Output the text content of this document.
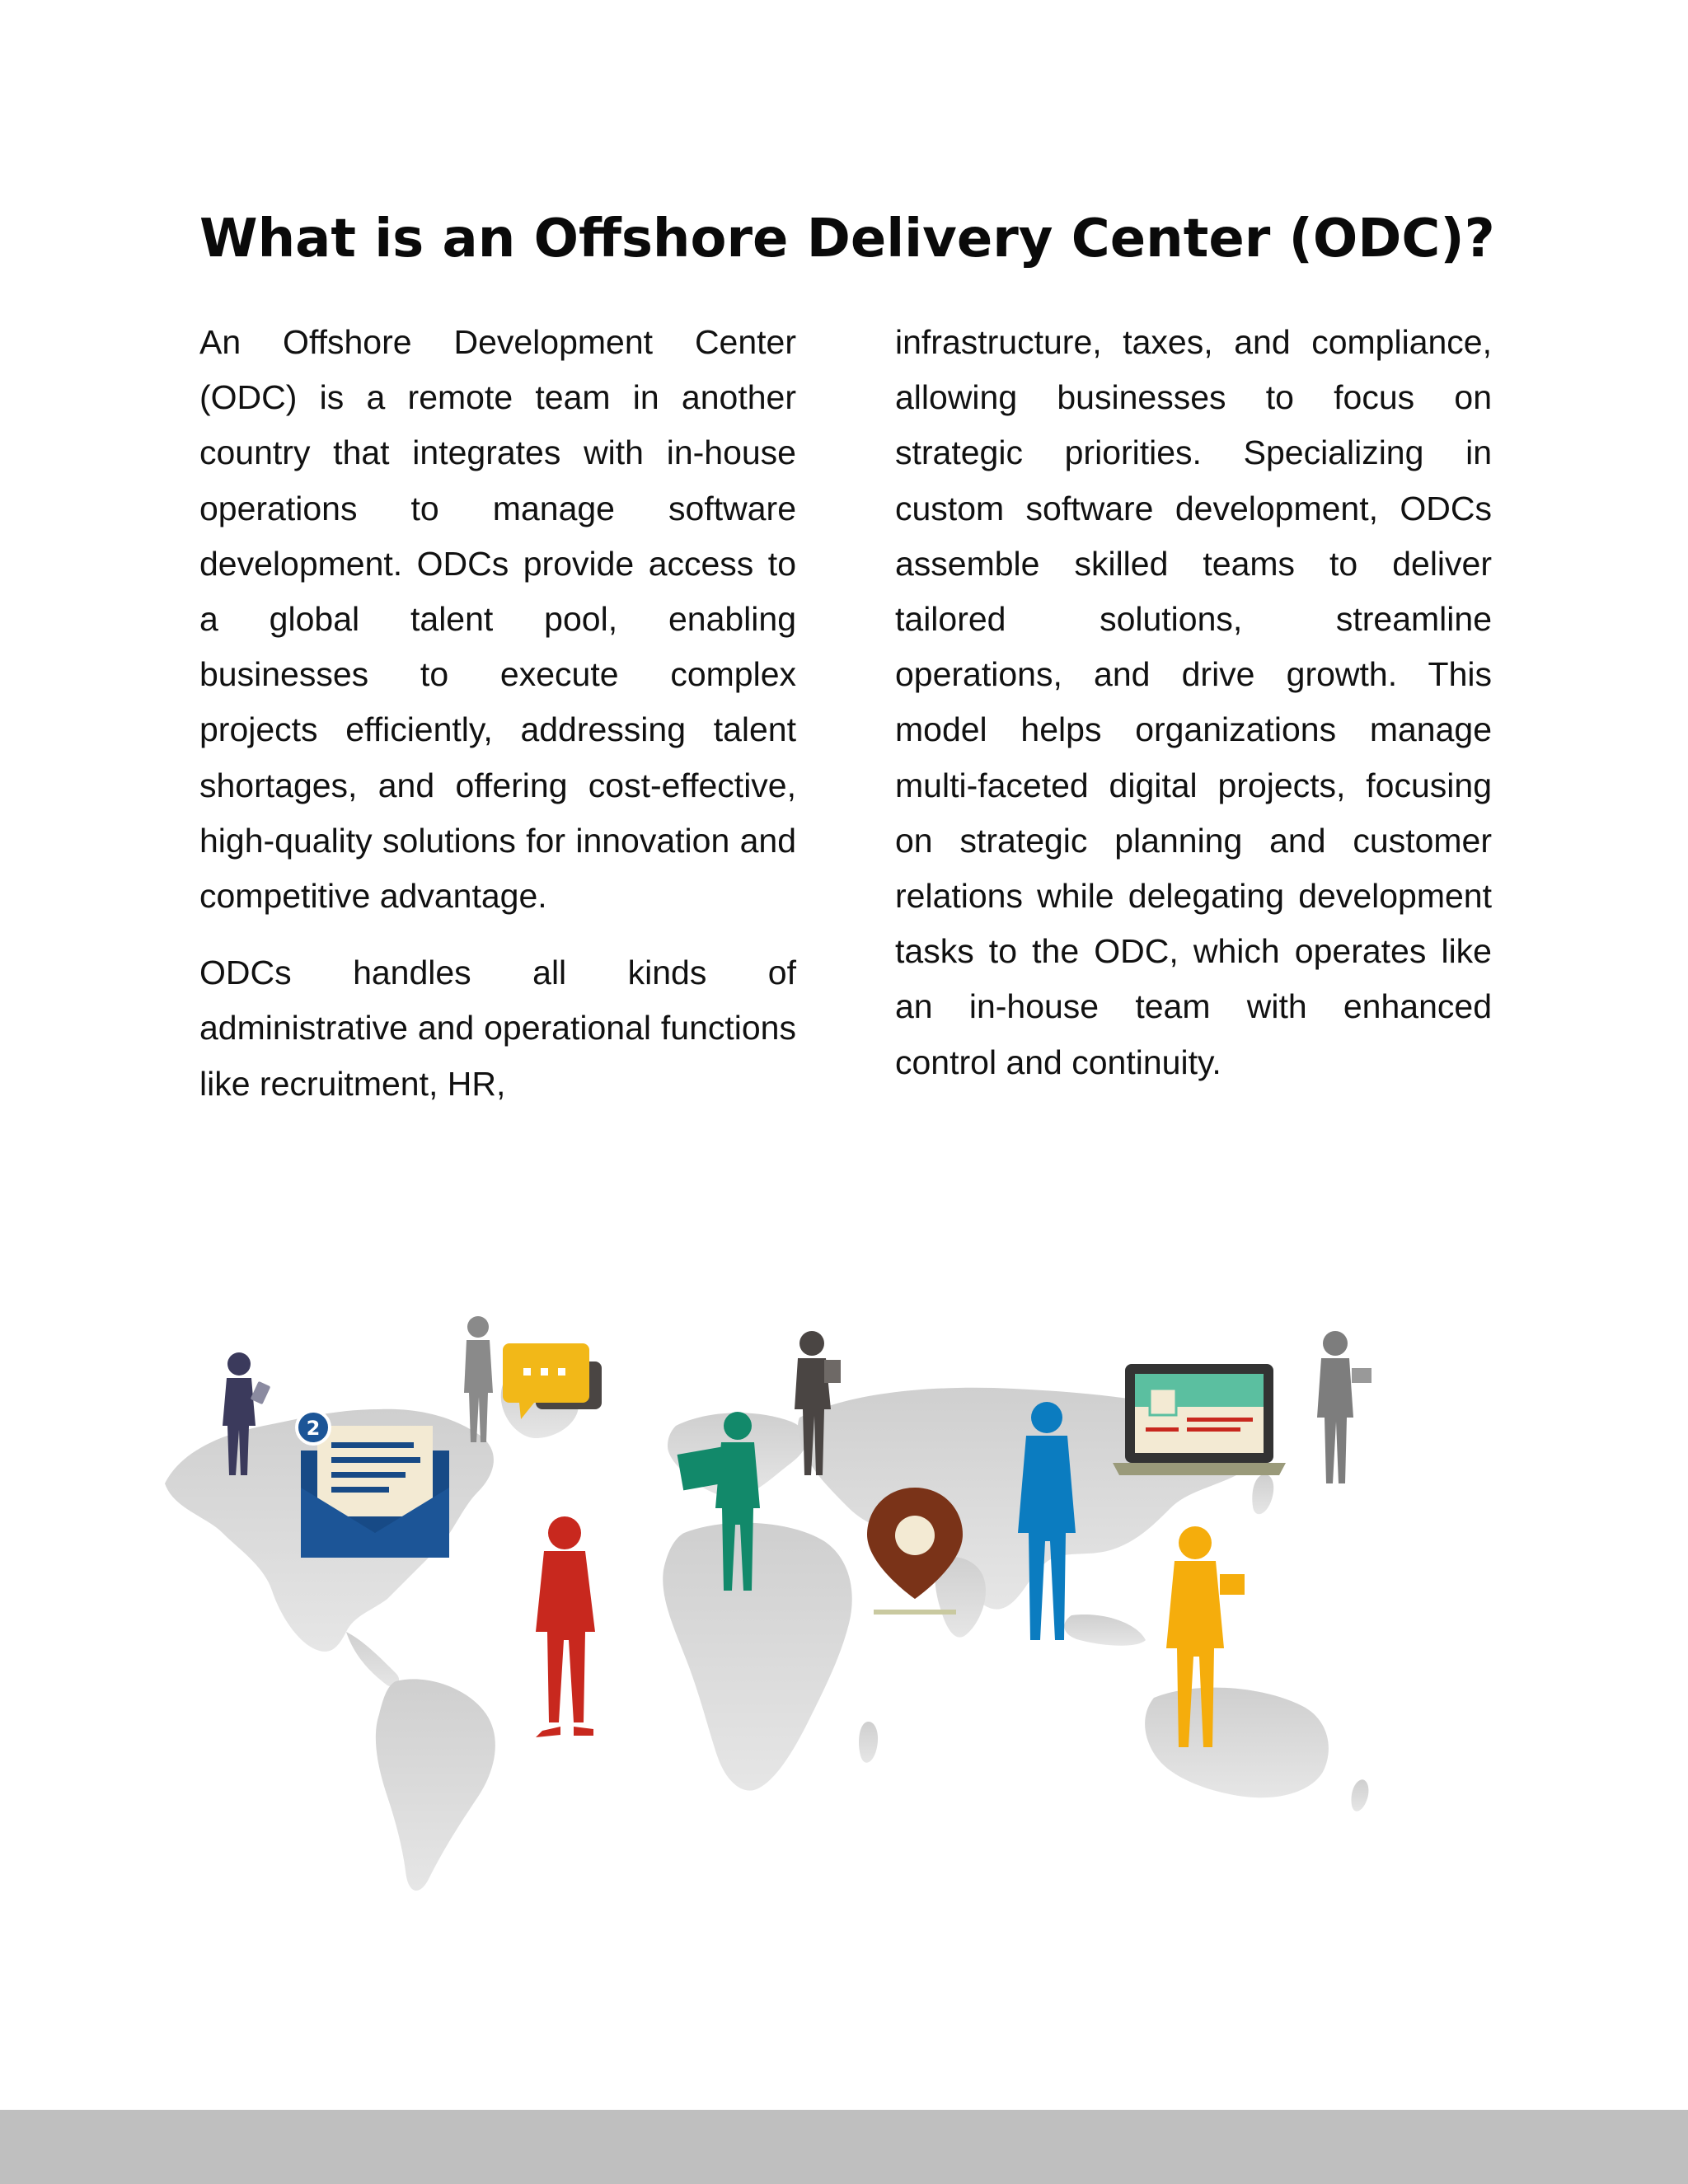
What is an Offshore Delivery Center (ODC)?

An Offshore Development Center (ODC) is a remote team in another country that integrates with in-house operations to manage software development. ODCs provide access to a global talent pool, enabling businesses to execute complex projects efficiently, addressing talent shortages, and offering cost-effective, high-quality solutions for innovation and competitive advantage.

ODCs handles all kinds of administrative and operational functions like recruitment, HR,

infrastructure, taxes, and compliance, allowing businesses to focus on strategic priorities. Specializing in custom software development, ODCs assemble skilled teams to deliver tailored solutions, streamline operations, and drive growth. This model helps organizations manage multi-faceted digital projects, focusing on strategic planning and customer relations while delegating development tasks to the ODC, which operates like an in-house team with enhanced control and continuity.

2
